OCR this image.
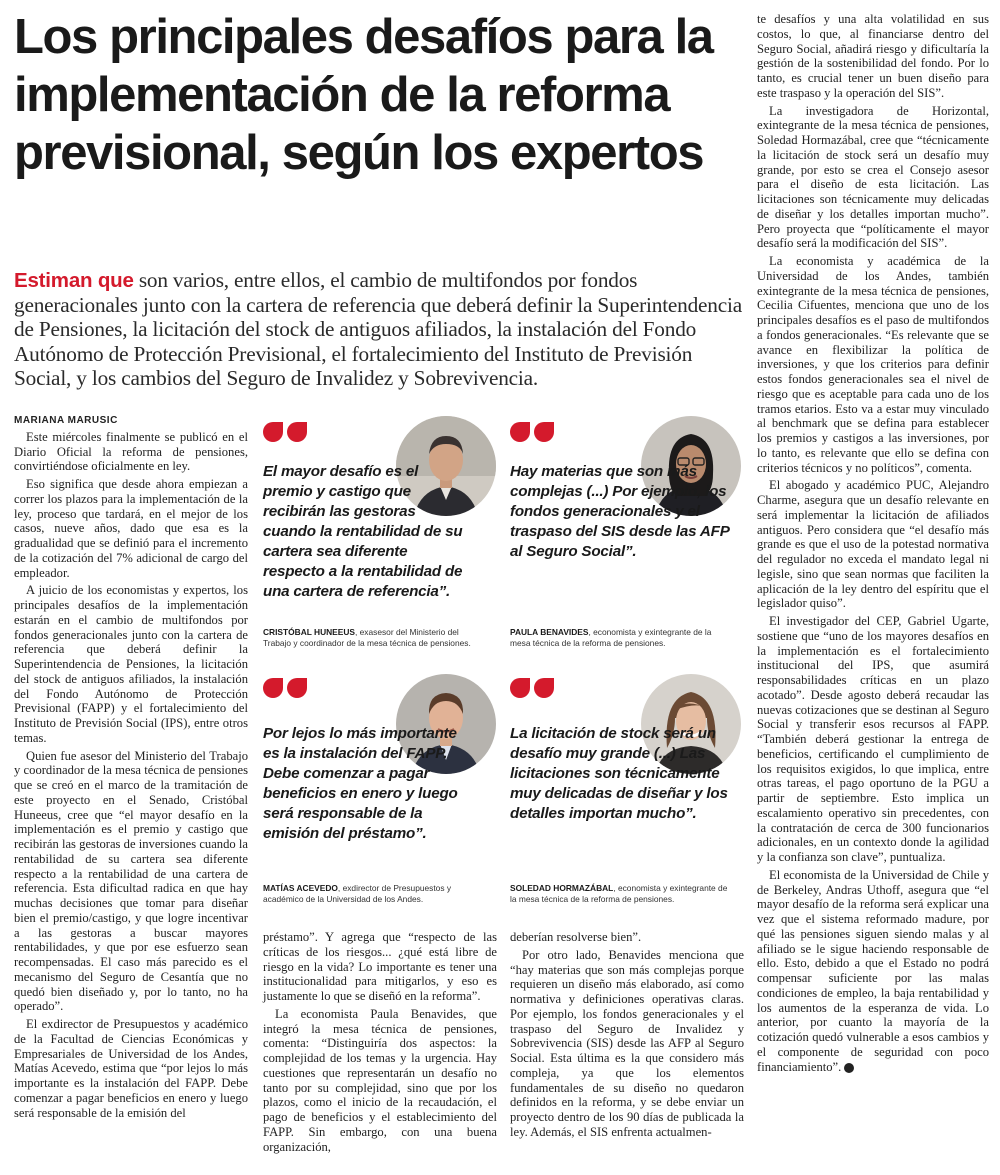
Los principales desafíos para la implementación de la reforma previsional, según los expertos
Estiman que son varios, entre ellos, el cambio de multifondos por fondos generacionales junto con la cartera de referencia que deberá definir la Superintendencia de Pensiones, la licitación del stock de antiguos afiliados, la instalación del Fondo Autónomo de Protección Previsional, el fortalecimiento del Instituto de Previsión Social, y los cambios del Seguro de Invalidez y Sobrevivencia.
MARIANA MARUSIC

Este miércoles finalmente se publicó en el Diario Oficial la reforma de pensiones, convirtiéndose oficialmente en ley.

Eso significa que desde ahora empiezan a correr los plazos para la implementación de la ley, proceso que tardará, en el mejor de los casos, nueve años, dado que esa es la gradualidad que se definió para el incremento de la cotización del 7% adicional de cargo del empleador.

A juicio de los economistas y expertos, los principales desafíos de la implementación estarán en el cambio de multifondos por fondos generacionales junto con la cartera de referencia que deberá definir la Superintendencia de Pensiones, la licitación del stock de antiguos afiliados, la instalación del Fondo Autónomo de Protección Previsional (FAPP) y el fortalecimiento del Instituto de Previsión Social (IPS), entre otros temas.

Quien fue asesor del Ministerio del Trabajo y coordinador de la mesa técnica de pensiones que se creó en el marco de la tramitación de este proyecto en el Senado, Cristóbal Huneeus, cree que “el mayor desafío en la implementación es el premio y castigo que recibirán las gestoras de inversiones cuando la rentabilidad de su cartera sea diferente respecto a la rentabilidad de una cartera de referencia. Esta dificultad radica en que hay muchas decisiones que tomar para diseñar bien el premio/castigo, y que logre incentivar a las gestoras a buscar mayores rentabilidades, y que por ese esfuerzo sean recompensadas. El caso más parecido es el mecanismo del Seguro de Cesantía que no quedó bien diseñado y, por lo tanto, no ha operado”.

El exdirector de Presupuestos y académico de la Facultad de Ciencias Económicas y Empresariales de Universidad de los Andes, Matías Acevedo, estima que “por lejos lo más importante es la instalación del FAPP. Debe comenzar a pagar beneficios en enero y luego será responsable de la emisión del

El mayor desafío es el premio y castigo que recibirán las gestoras cuando la rentabilidad de su cartera sea diferente respecto a la rentabilidad de una cartera de referencia”.
CRISTÓBAL HUNEEUS, exasesor del Ministerio del Trabajo y coordinador de la mesa técnica de pensiones.
Hay materias que son más complejas (...) Por ejemplo, los fondos generacionales y el traspaso del SIS desde las AFP al Seguro Social”.
PAULA BENAVIDES, economista y exintegrante de la mesa técnica de la reforma de pensiones.
Por lejos lo más importante es la instalación del FAPP. Debe comenzar a pagar beneficios en enero y luego será responsable de la emisión del préstamo”.
MATÍAS ACEVEDO, exdirector de Presupuestos y académico de la Universidad de los Andes.
La licitación de stock será un desafío muy grande (...) Las licitaciones son técnicamente muy delicadas de diseñar y los detalles importan mucho”.
SOLEDAD HORMAZÁBAL, economista y exintegrante de la mesa técnica de la reforma de pensiones.

préstamo”. Y agrega que “respecto de las críticas de los riesgos... ¿qué está libre de riesgo en la vida? Lo importante es tener una institucionalidad para mitigarlos, y eso es justamente lo que se diseñó en la reforma”.

La economista Paula Benavides, que integró la mesa técnica de pensiones, comenta: “Distinguiría dos aspectos: la complejidad de los temas y la urgencia. Hay cuestiones que representarán un desafío no tanto por su complejidad, sino que por los plazos, como el inicio de la recaudación, el pago de beneficios y el establecimiento del FAPP. Sin embargo, con una buena organización,

deberían resolverse bien”.

Por otro lado, Benavides menciona que “hay materias que son más complejas porque requieren un diseño más elaborado, así como normativa y definiciones operativas claras. Por ejemplo, los fondos generacionales y el traspaso del Seguro de Invalidez y Sobrevivencia (SIS) desde las AFP al Seguro Social. Esta última es la que considero más compleja, ya que los elementos fundamentales de su diseño no quedaron definidos en la reforma, y se debe enviar un proyecto dentro de los 90 días de publicada la ley. Además, el SIS enfrenta actualmen-

te desafíos y una alta volatilidad en sus costos, lo que, al financiarse dentro del Seguro Social, añadirá riesgo y dificultaría la gestión de la sostenibilidad del fondo. Por lo tanto, es crucial tener un buen diseño para este traspaso y la operación del SIS”.

La investigadora de Horizontal, exintegrante de la mesa técnica de pensiones, Soledad Hormazábal, cree que “técnicamente la licitación de stock será un desafío muy grande, por esto se crea el Consejo asesor para el diseño de esta licitación. Las licitaciones son técnicamente muy delicadas de diseñar y los detalles importan mucho”. Pero proyecta que “políticamente el mayor desafío será la modificación del SIS”.

La economista y académica de la Universidad de los Andes, también exintegrante de la mesa técnica de pensiones, Cecilia Cifuentes, menciona que uno de los principales desafíos es el paso de multifondos a fondos generacionales. “Es relevante que se avance en flexibilizar la política de inversiones, y que los criterios para definir estos fondos generacionales sea el nivel de riesgo que es aceptable para cada uno de los tramos etarios. Esto va a estar muy vinculado al benchmark que se defina para establecer los premios y castigos a las inversiones, por lo tanto, es relevante que ello se defina con criterios técnicos y no políticos”, comenta.

El abogado y académico PUC, Alejandro Charme, asegura que un desafío relevante en será implementar la licitación de afiliados antiguos. Pero considera que “el desafío más grande es que el uso de la potestad normativa del regulador no exceda el mandato legal ni legisle, sino que sean normas que faciliten la aplicación de la ley dentro del espíritu que el legislador quiso”.

El investigador del CEP, Gabriel Ugarte, sostiene que “uno de los mayores desafíos en la implementación es el fortalecimiento institucional del IPS, que asumirá responsabilidades críticas en un plazo acotado”. Desde agosto deberá recaudar las nuevas cotizaciones que se destinan al Seguro Social y transferir esos recursos al FAPP. “También deberá gestionar la entrega de beneficios, certificando el cumplimiento de los requisitos exigidos, lo que implica, entre otras tareas, el pago oportuno de la PGU a partir de septiembre. Esto implica un escalamiento operativo sin precedentes, con la contratación de cerca de 300 funcionarios adicionales, en un contexto donde la agilidad y la confianza son clave”, puntualiza.

El economista de la Universidad de Chile y de Berkeley, Andras Uthoff, asegura que “el mayor desafío de la reforma será explicar una vez que el sistema reformado madure, por qué las pensiones siguen siendo malas y al afiliado se le sigue haciendo responsable de ello. Esto, debido a que el Estado no podrá compensar suficiente por las malas condiciones de empleo, la baja rentabilidad y los aumentos de la esperanza de vida. Lo anterior, por cuanto la mayoría de la cotización quedó vulnerable a esos cambios y el componente de seguridad con poco financiamiento”. P
